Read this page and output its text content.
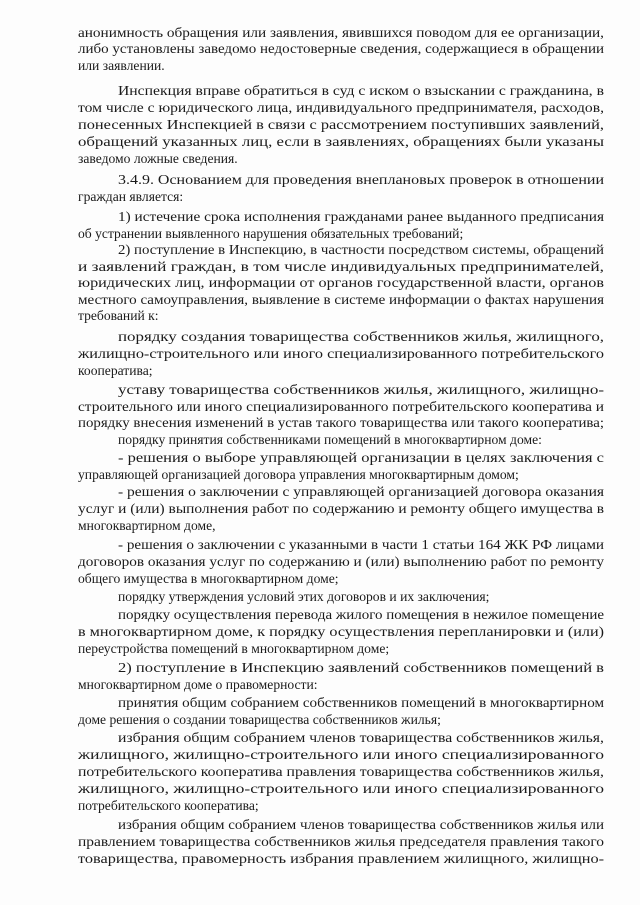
анонимность обращения или заявления, явившихся поводом для ее организации,
либо установлены заведомо недостоверные сведения, содержащиеся в обращении
или заявлении.
Инспекция вправе обратиться в суд с иском о взыскании с гражданина, в
том числе с юридического лица, индивидуального предпринимателя, расходов,
понесенных Инспекцией в связи с рассмотрением поступивших заявлений,
обращений указанных лиц, если в заявлениях, обращениях были указаны
заведомо ложные сведения.
3.4.9. Основанием для проведения внеплановых проверок в отношении
граждан является:
1) истечение срока исполнения гражданами ранее выданного предписания
об устранении выявленного нарушения обязательных требований;
2) поступление в Инспекцию, в частности посредством системы, обращений
и заявлений граждан, в том числе индивидуальных предпринимателей,
юридических лиц, информации от органов государственной власти, органов
местного самоуправления, выявление в системе информации о фактах нарушения
требований к:
порядку создания товарищества собственников жилья, жилищного,
жилищно-строительного или иного специализированного потребительского
кооператива;
уставу товарищества собственников жилья, жилищного, жилищно-
строительного или иного специализированного потребительского кооператива и
порядку внесения изменений в устав такого товарищества или такого кооператива;
порядку принятия собственниками помещений в многоквартирном доме:
- решения о выборе управляющей организации в целях заключения с
управляющей организацией договора управления многоквартирным домом;
- решения о заключении с управляющей организацией договора оказания
услуг и (или) выполнения работ по содержанию и ремонту общего имущества в
многоквартирном доме,
- решения о заключении с указанными в части 1 статьи 164 ЖК РФ лицами
договоров оказания услуг по содержанию и (или) выполнению работ по ремонту
общего имущества в многоквартирном доме;
порядку утверждения условий этих договоров и их заключения;
порядку осуществления перевода жилого помещения в нежилое помещение
в многоквартирном доме, к порядку осуществления перепланировки и (или)
переустройства помещений в многоквартирном доме;
2) поступление в Инспекцию заявлений собственников помещений в
многоквартирном доме о правомерности:
принятия общим собранием собственников помещений в многоквартирном
доме решения о создании товарищества собственников жилья;
избрания общим собранием членов товарищества собственников жилья,
жилищного, жилищно-строительного или иного специализированного
потребительского кооператива правления товарищества собственников жилья,
жилищного, жилищно-строительного или иного специализированного
потребительского кооператива;
избрания общим собранием членов товарищества собственников жилья или
правлением товарищества собственников жилья председателя правления такого
товарищества, правомерность избрания правлением жилищного, жилищно-
